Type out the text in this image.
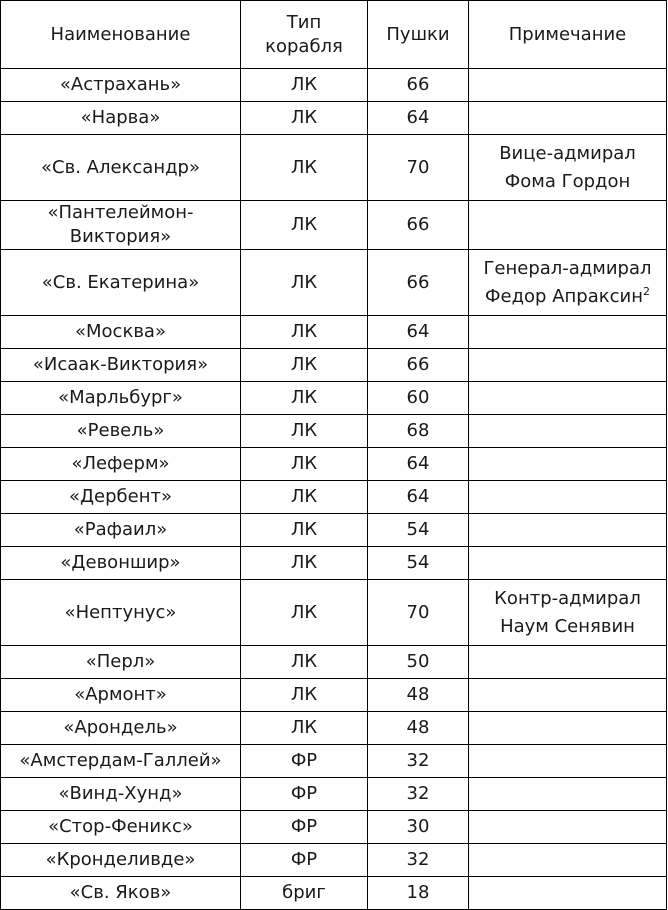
Наименование	Тип корабля	Пушки	Примечание
«Астрахань»	ЛК	66	
«Нарва»	ЛК	64	
«Св. Александр»	ЛК	70	Вице-адмирал Фома Гордон
«Пантелеймон-Виктория»	ЛК	66	
«Св. Екатерина»	ЛК	66	Генерал-адмирал Федор Апраксин$^2$
«Москва»	ЛК	64	
«Исаак-Виктория»	ЛК	66	
«Марльбург»	ЛК	60	
«Ревель»	ЛК	68	
«Леферм»	ЛК	64	
«Дербент»	ЛК	64	
«Рафаил»	ЛК	54	
«Девоншир»	ЛК	54	
«Нептунус»	ЛК	70	Контр-адмирал Наум Сенявин
«Перл»	ЛК	50	
«Армонт»	ЛК	48	
«Арондель»	ЛК	48	
«Амстердам-Галлей»	ФР	32	
«Винд-Хунд»	ФР	32	
«Стор-Феникс»	ФР	30	
«Кронделивде»	ФР	32	
«Св. Яков»	бриг	18	
